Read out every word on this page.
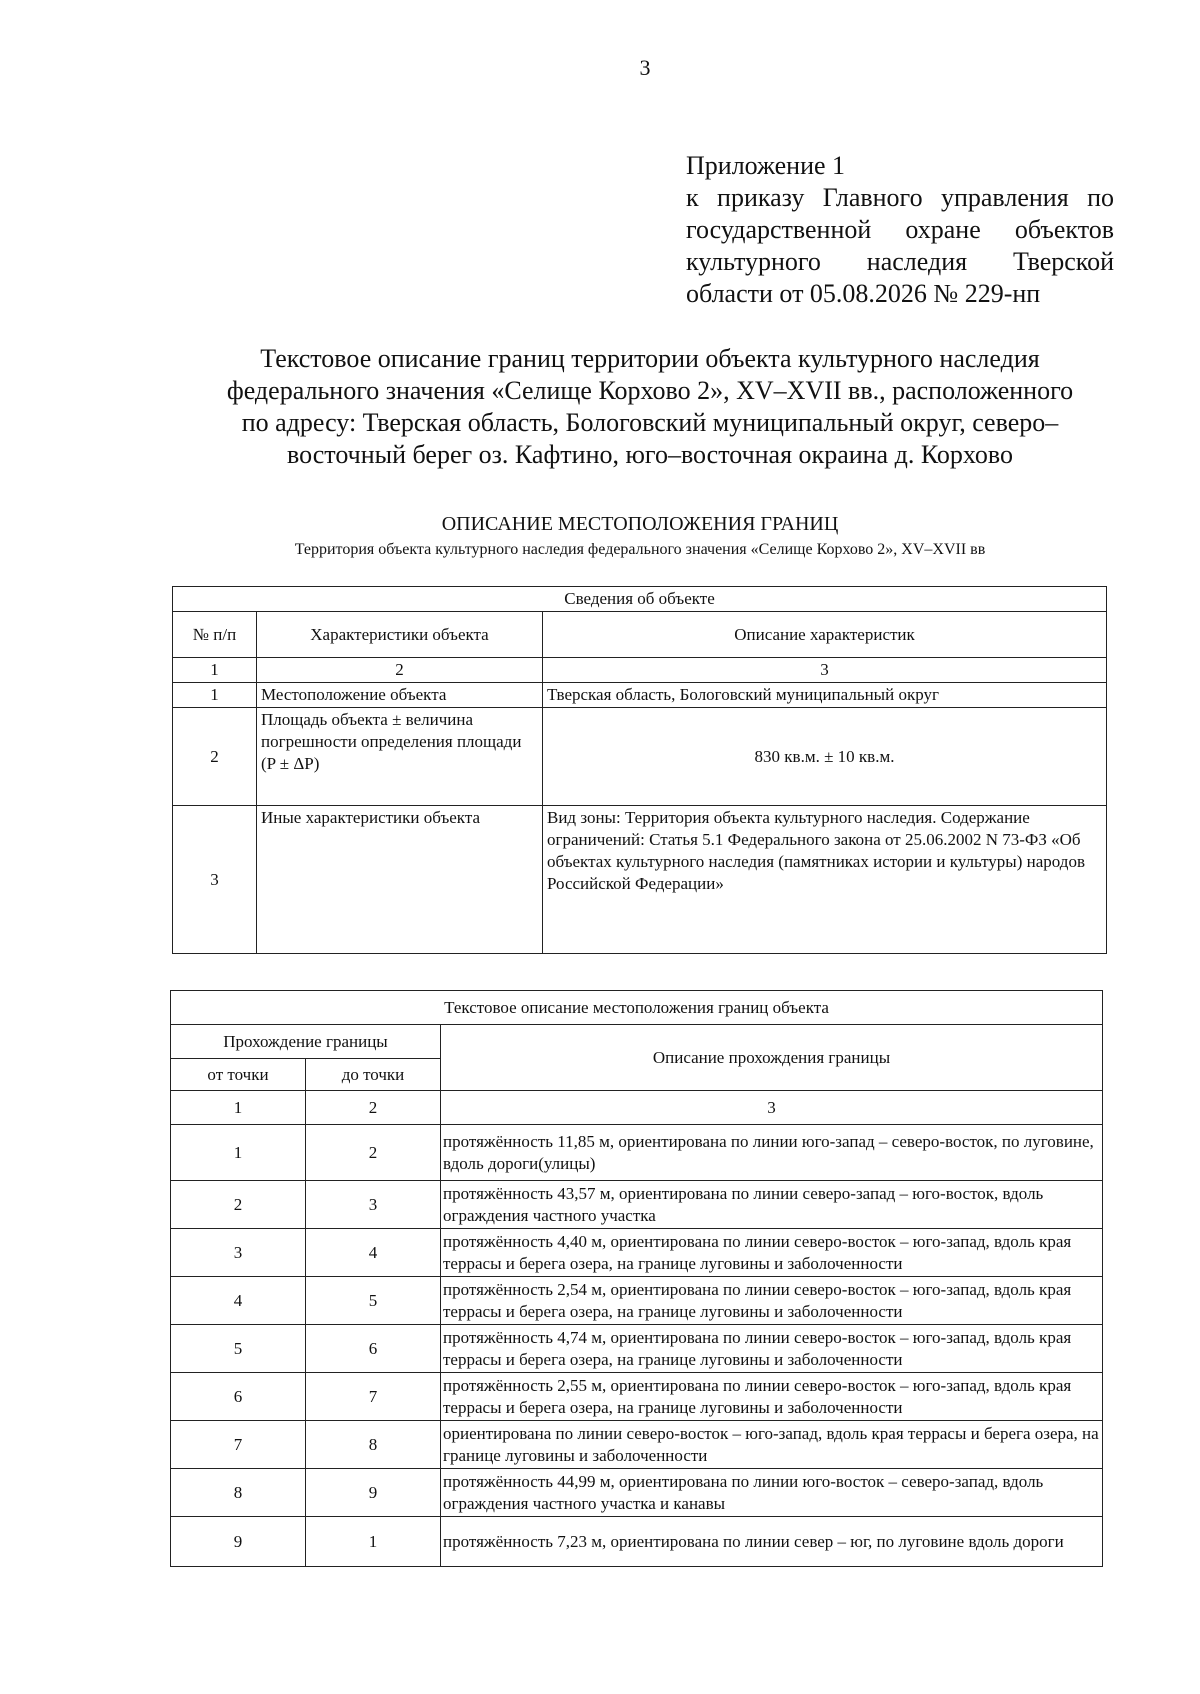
3
Приложение 1
к приказу Главного управления по
государственной охране объектов
культурного наследия Тверской
области от 05.08.2026 № 229-нп
Текстовое описание границ территории объекта культурного наследия
федерального значения «Селище Корхово 2», XV–XVII вв., расположенного
по адресу: Тверская область, Бологовский муниципальный округ, северо–
восточный берег оз. Кафтино, юго–восточная окраина д. Корхово
ОПИСАНИЕ МЕСТОПОЛОЖЕНИЯ ГРАНИЦ
Территория объекта культурного наследия федерального значения «Селище Корхово 2», XV–XVII вв
Сведения об объекте		
№ п/п	Характеристики объекта	Описание характеристик
1	2	3
1	Местоположение объекта	Тверская область, Бологовский муниципальный округ
2	Площадь объекта ± величина погрешности определения площади (P ± ΔP)	830 кв.м. ± 10 кв.м.
3	Иные характеристики объекта	Вид зоны: Территория объекта культурного наследия. Содержание ограничений: Статья 5.1 Федерального закона от 25.06.2002 N 73-ФЗ «Об объектах культурного наследия (памятниках истории и культуры) народов Российской Федерации»
Текстовое описание местоположения границ объекта		
Прохождение границы		Описание прохождения границы
от точки	до точки	
1	2	3
1	2	протяжённость 11,85 м, ориентирована по линии юго-запад – северо-восток, по луговине, вдоль дороги(улицы)
2	3	протяжённость 43,57 м, ориентирована по линии северо-запад – юго-восток, вдоль ограждения частного участка
3	4	протяжённость 4,40 м, ориентирована по линии северо-восток – юго-запад, вдоль края террасы и берега озера, на границе луговины и заболоченности
4	5	протяжённость 2,54 м, ориентирована по линии северо-восток – юго-запад, вдоль края террасы и берега озера, на границе луговины и заболоченности
5	6	протяжённость 4,74 м, ориентирована по линии северо-восток – юго-запад, вдоль края террасы и берега озера, на границе луговины и заболоченности
6	7	протяжённость 2,55 м, ориентирована по линии северо-восток – юго-запад, вдоль края террасы и берега озера, на границе луговины и заболоченности
7	8	ориентирована по линии северо-восток – юго-запад, вдоль края террасы и берега озера, на границе луговины и заболоченности
8	9	протяжённость 44,99 м, ориентирована по линии юго-восток – северо-запад, вдоль ограждения частного участка и канавы
9	1	протяжённость 7,23 м, ориентирована по линии север – юг, по луговине вдоль дороги
